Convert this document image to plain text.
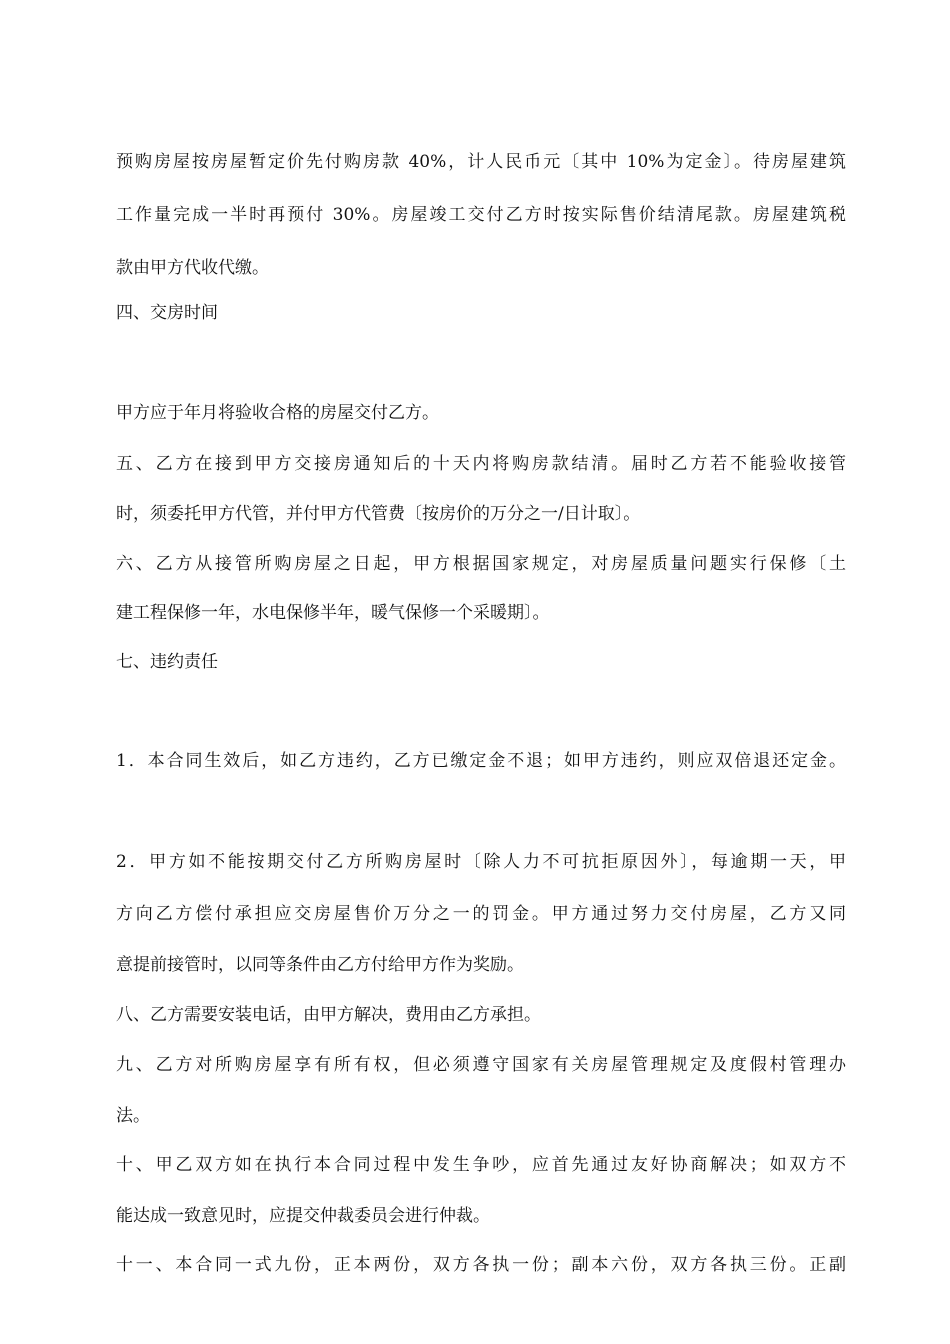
预购房屋按房屋暂定价先付购房款 40%，计人民币元〔其中 10%为定金〕。待房屋建筑
工作量完成一半时再预付 30%。房屋竣工交付乙方时按实际售价结清尾款。房屋建筑税
款由甲方代收代缴。
四、交房时间
甲方应于年月将验收合格的房屋交付乙方。
五、乙方在接到甲方交接房通知后的十天内将购房款结清。届时乙方若不能验收接管
时，须委托甲方代管，并付甲方代管费〔按房价的万分之一/日计取〕。
六、乙方从接管所购房屋之日起，甲方根据国家规定，对房屋质量问题实行保修〔土
建工程保修一年，水电保修半年，暖气保修一个采暖期〕。
七、违约责任
1．本合同生效后，如乙方违约，乙方已缴定金不退；如甲方违约，则应双倍退还定金。
2．甲方如不能按期交付乙方所购房屋时〔除人力不可抗拒原因外〕，每逾期一天，甲
方向乙方偿付承担应交房屋售价万分之一的罚金。甲方通过努力交付房屋，乙方又同
意提前接管时，以同等条件由乙方付给甲方作为奖励。
八、乙方需要安装电话，由甲方解决，费用由乙方承担。
九、乙方对所购房屋享有所有权，但必须遵守国家有关房屋管理规定及度假村管理办
法。
十、甲乙双方如在执行本合同过程中发生争吵，应首先通过友好协商解决；如双方不
能达成一致意见时，应提交仲裁委员会进行仲裁。
十一、本合同一式九份，正本两份，双方各执一份；副本六份，双方各执三份。正副
